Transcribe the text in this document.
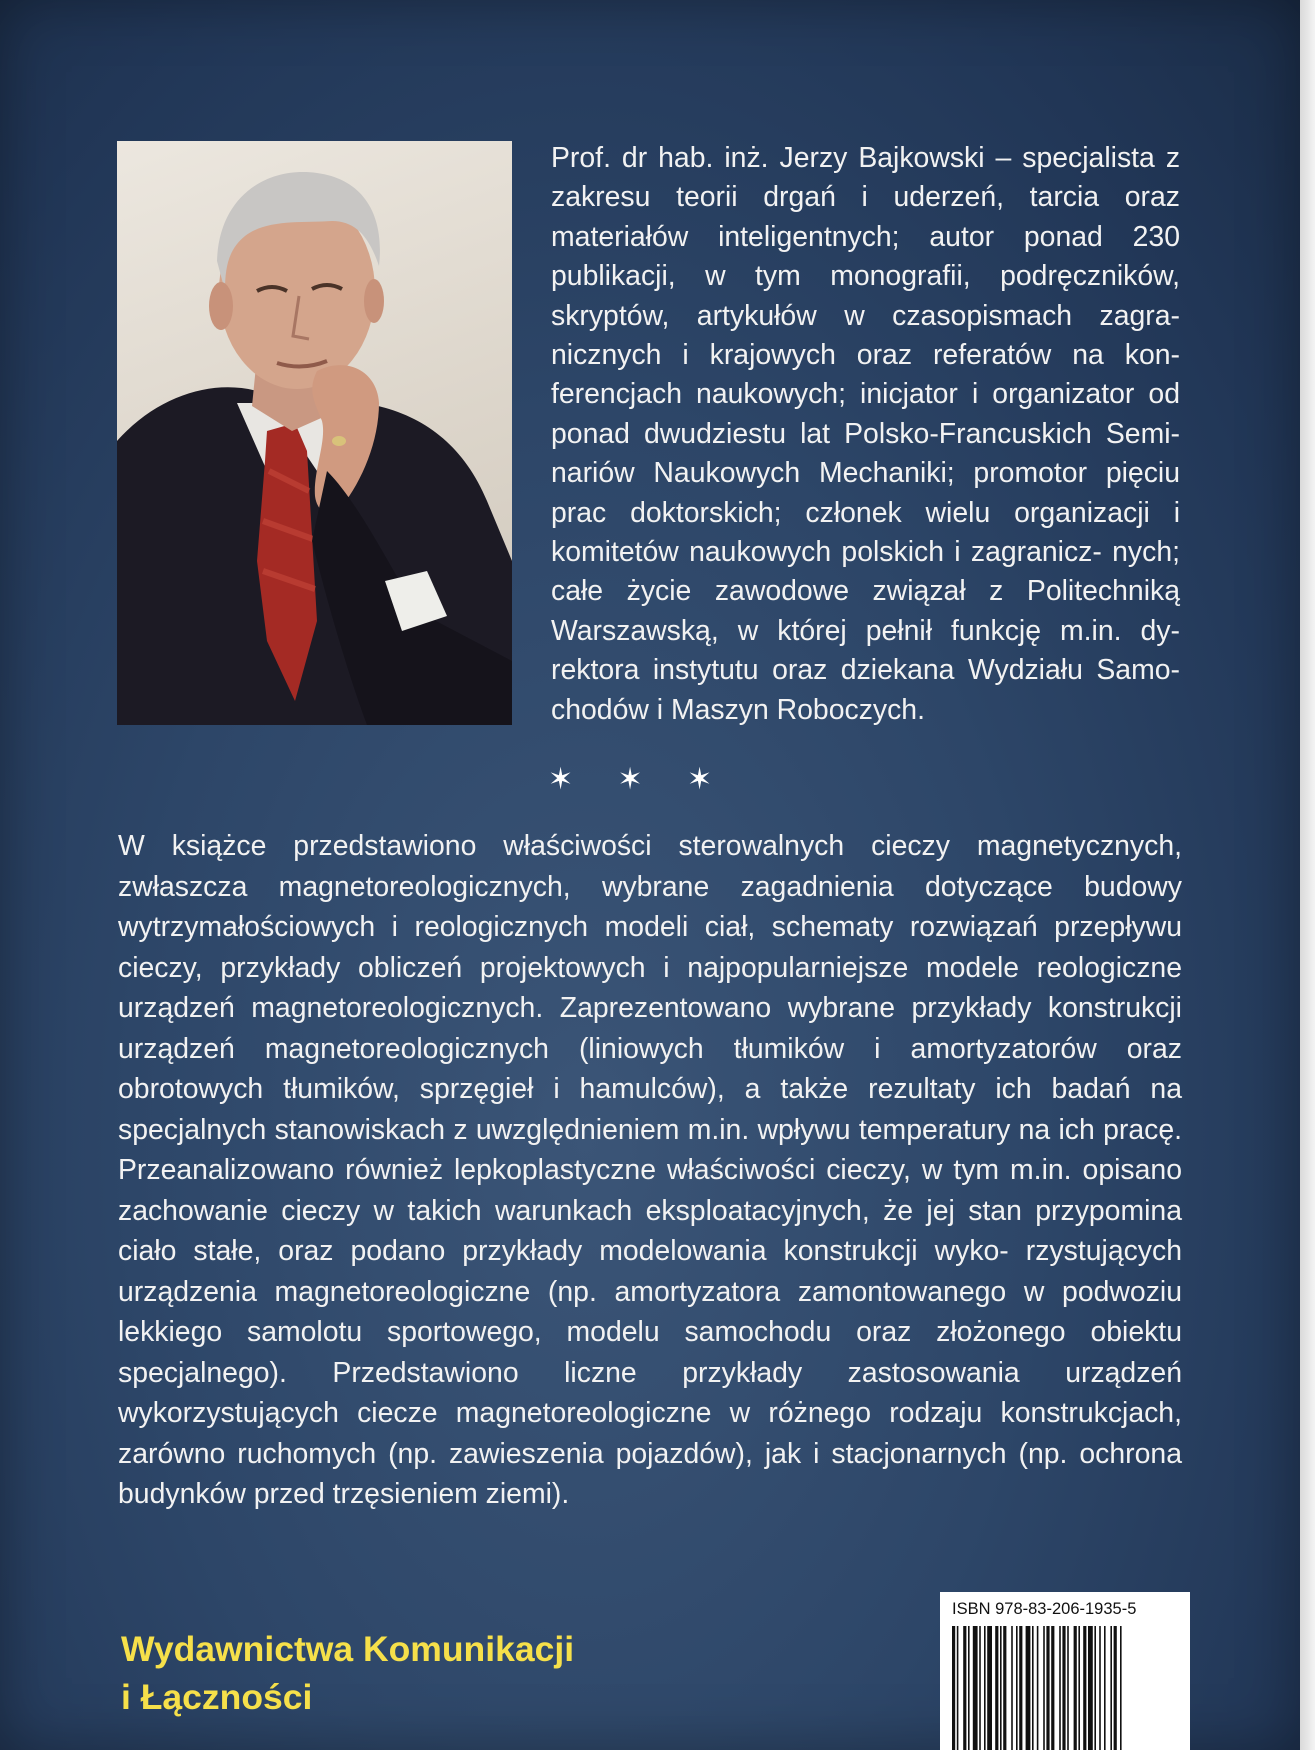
Prof. dr hab. inż. Jerzy Bajkowski – specjalista z zakresu teorii drgań i uderzeń, tarcia oraz materiałów inteligentnych; autor ponad 230 publikacji, w tym monografii, podręczników, skryptów, artykułów w czasopismach zagra- nicznych i krajowych oraz referatów na kon- ferencjach naukowych; inicjator i organizator od ponad dwudziestu lat Polsko-Francuskich Semi- nariów Naukowych Mechaniki; promotor pięciu prac doktorskich; członek wielu organizacji i komitetów naukowych polskich i zagranicz- nych; całe życie zawodowe związał z Politechniką Warszawską, w której pełnił funkcję m.in. dy- rektora instytutu oraz dziekana Wydziału Samo-

chodów i Maszyn Roboczych.

✶ ✶ ✶

W książce przedstawiono właściwości sterowalnych cieczy magnetycznych, zwłaszcza magnetoreologicznych, wybrane zagadnienia dotyczące budowy wytrzymałościowych i reologicznych modeli ciał, schematy rozwiązań przepływu cieczy, przykłady obliczeń projektowych i najpopularniejsze modele reologiczne urządzeń magnetoreologicznych. Zaprezentowano wybrane przykłady konstrukcji urządzeń magnetoreologicznych (liniowych tłumików i amortyzatorów oraz obrotowych tłumików, sprzęgieł i hamulców), a także rezultaty ich badań na specjalnych stanowiskach z uwzględnieniem m.in. wpływu temperatury na ich pracę. Przeanalizowano również lepkoplastyczne właściwości cieczy, w tym m.in. opisano zachowanie cieczy w takich warunkach eksploatacyjnych, że jej stan przypomina ciało stałe, oraz podano przykłady modelowania konstrukcji wyko- rzystujących urządzenia magnetoreologiczne (np. amortyzatora zamontowanego w podwoziu lekkiego samolotu sportowego, modelu samochodu oraz złożonego obiektu specjalnego). Przedstawiono liczne przykłady zastosowania urządzeń wykorzystujących ciecze magnetoreologiczne w różnego rodzaju konstrukcjach, zarówno ruchomych (np. zawieszenia pojazdów), jak i stacjonarnych (np. ochrona

budynków przed trzęsieniem ziemi).

Wydawnictwa Komunikacji
i Łączności
ISBN 978-83-206-1935-5
